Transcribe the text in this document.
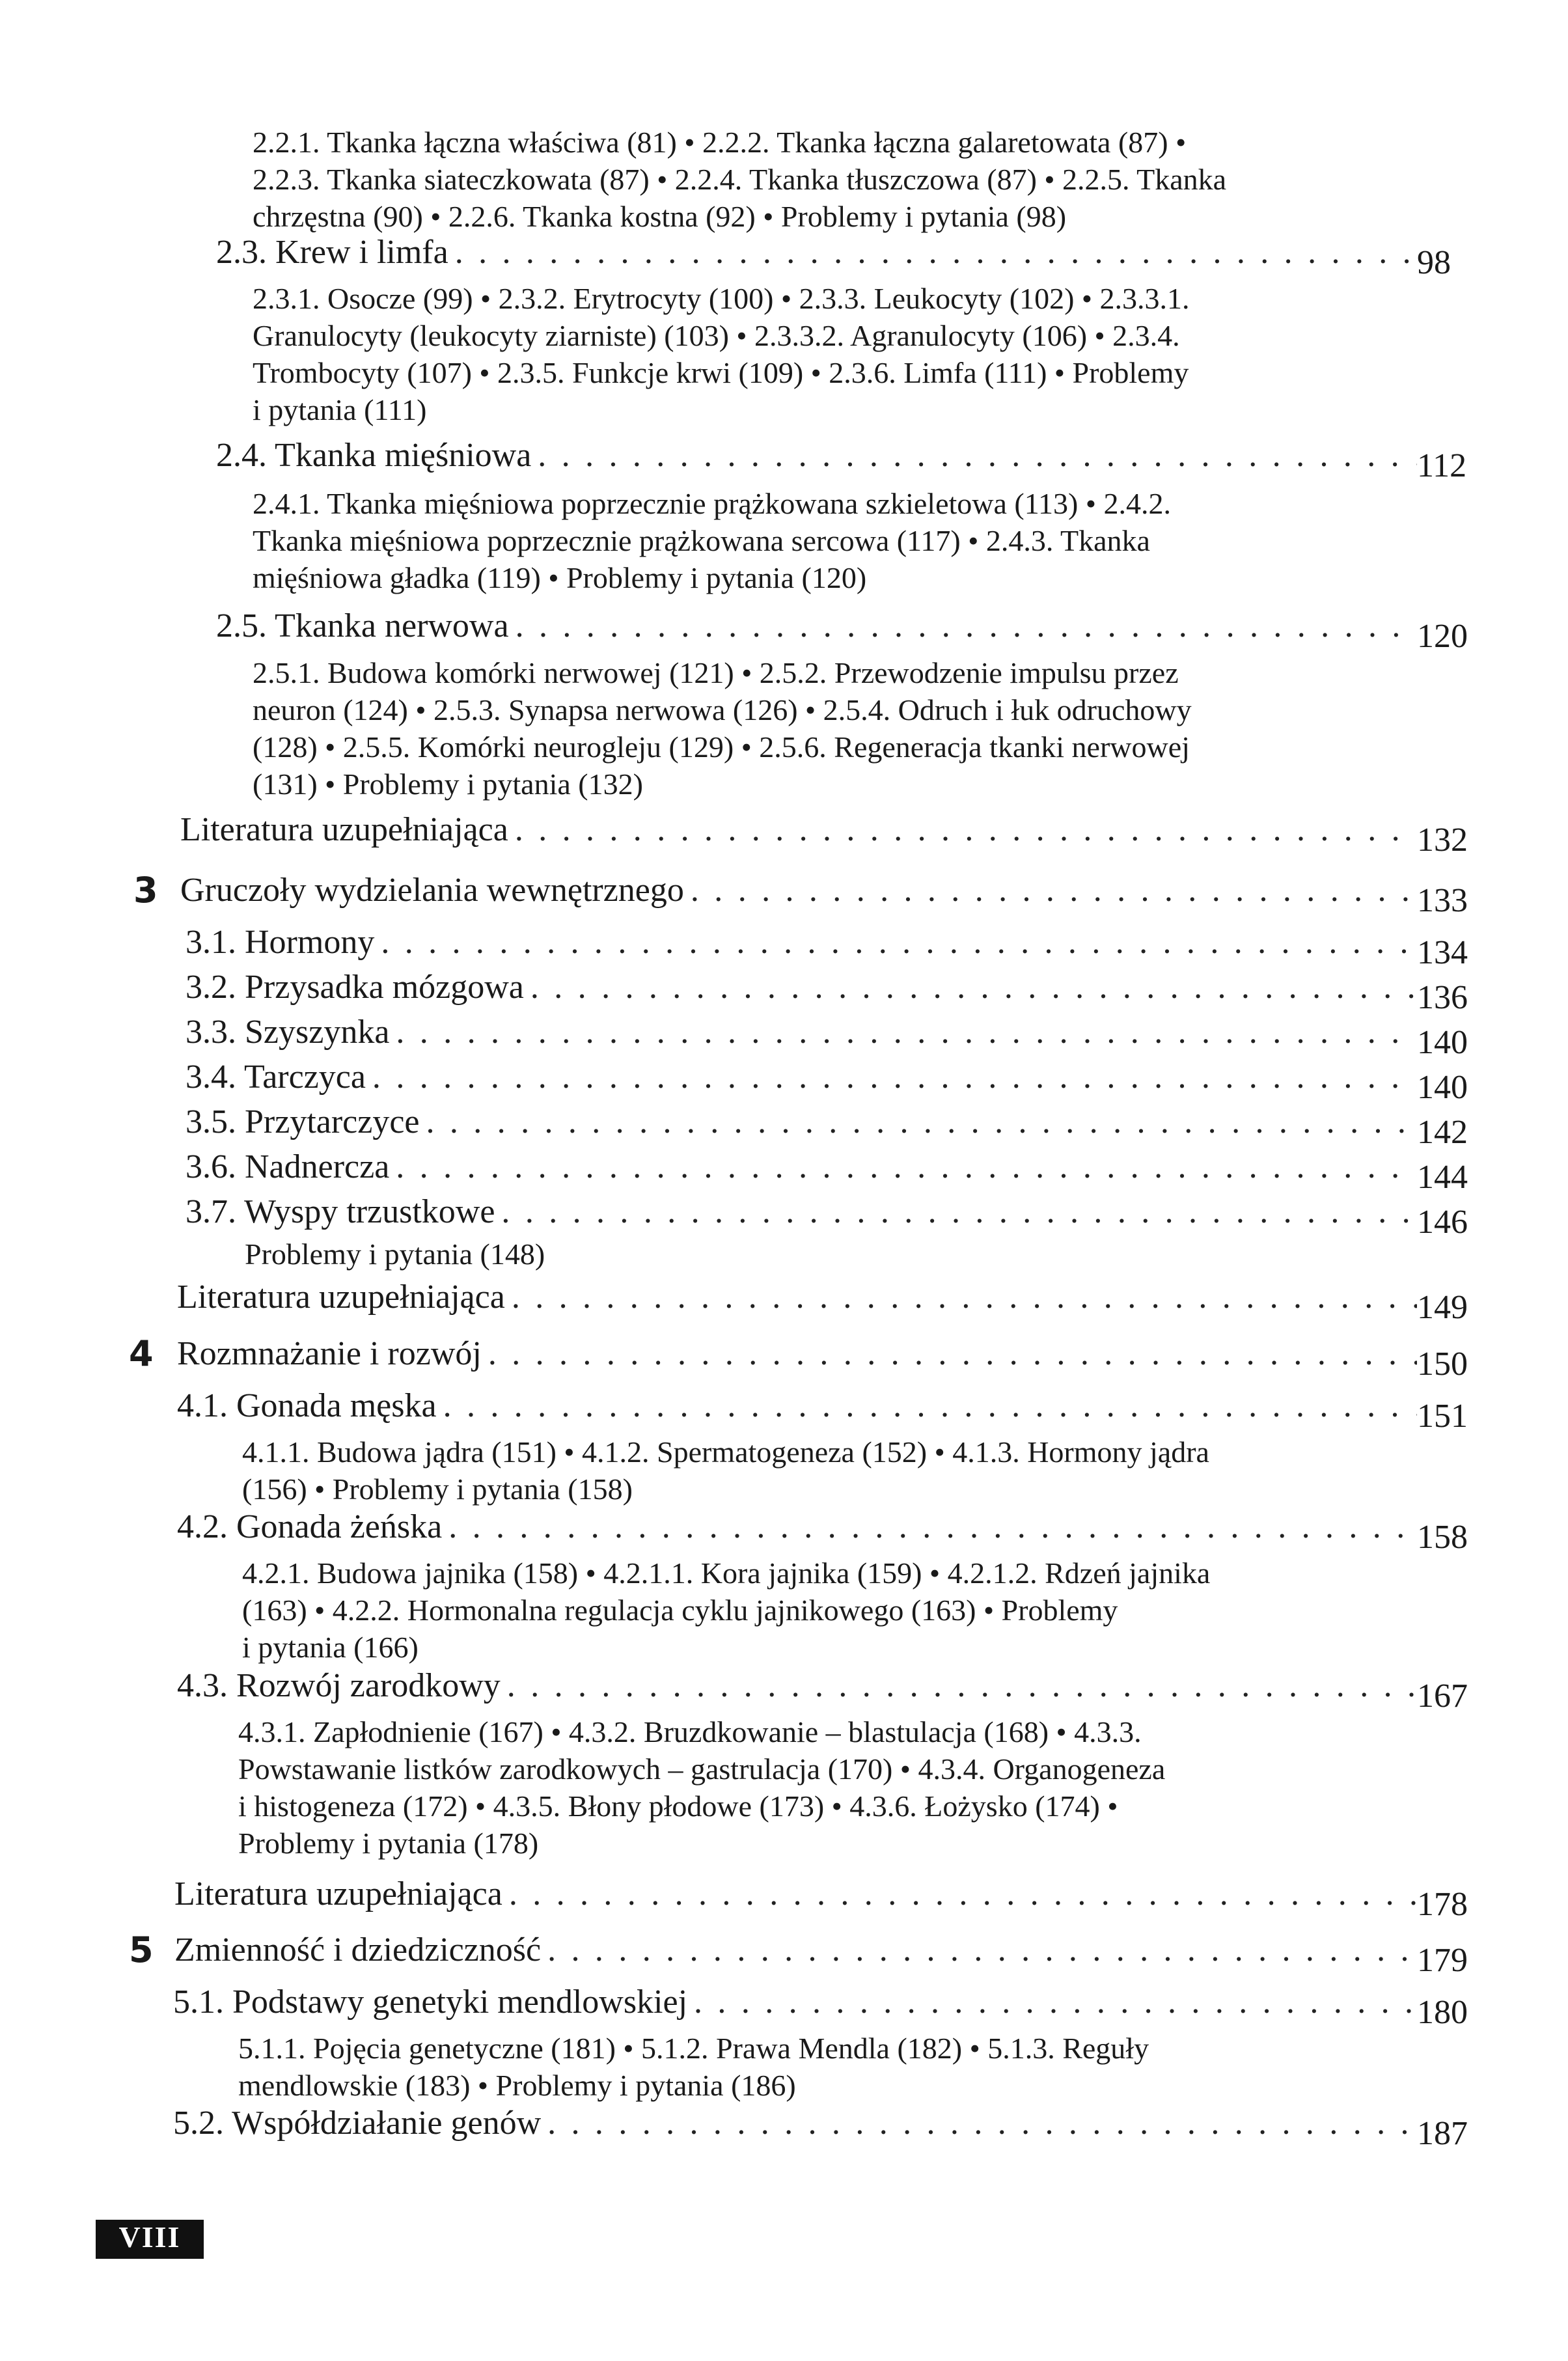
2.2.1. Tkanka łączna właściwa (81) • 2.2.2. Tkanka łączna galaretowata (87) •
2.2.3. Tkanka siateczkowata (87) • 2.2.4. Tkanka tłuszczowa (87) • 2.2.5. Tkanka
chrzęstna (90) • 2.2.6. Tkanka kostna (92) • Problemy i pytania (98)
2.3. Krew i limfa .....	98
2.3.1. Osocze (99) • 2.3.2. Erytrocyty (100) • 2.3.3. Leukocyty (102) • 2.3.3.1.
Granulocyty (leukocyty ziarniste) (103) • 2.3.3.2. Agranulocyty (106) • 2.3.4.
Trombocyty (107) • 2.3.5. Funkcje krwi (109) • 2.3.6. Limfa (111) • Problemy
i pytania (111)
2.4. Tkanka mięśniowa .....	112
2.4.1. Tkanka mięśniowa poprzecznie prążkowana szkieletowa (113) • 2.4.2.
Tkanka mięśniowa poprzecznie prążkowana sercowa (117) • 2.4.3. Tkanka
mięśniowa gładka (119) • Problemy i pytania (120)
2.5. Tkanka nerwowa .....	120
2.5.1. Budowa komórki nerwowej (121) • 2.5.2. Przewodzenie impulsu przez
neuron (124) • 2.5.3. Synapsa nerwowa (126) • 2.5.4. Odruch i łuk odruchowy
(128) • 2.5.5. Komórki neurogleju (129) • 2.5.6. Regeneracja tkanki nerwowej
(131) • Problemy i pytania (132)
Literatura uzupełniająca .....	132
3 Gruczoły wydzielania wewnętrznego .....	133
3.1. Hormony .....	134
3.2. Przysadka mózgowa .....	136
3.3. Szyszynka .....	140
3.4. Tarczyca .....	140
3.5. Przytarczyce .....	142
3.6. Nadnercza .....	144
3.7. Wyspy trzustkowe .....	146
Problemy i pytania (148)
Literatura uzupełniająca .....	149
4 Rozmnażanie i rozwój .....	150
4.1. Gonada męska .....	151
4.1.1. Budowa jądra (151) • 4.1.2. Spermatogeneza (152) • 4.1.3. Hormony jądra
(156) • Problemy i pytania (158)
4.2. Gonada żeńska .....	158
4.2.1. Budowa jajnika (158) • 4.2.1.1. Kora jajnika (159) • 4.2.1.2. Rdzeń jajnika
(163) • 4.2.2. Hormonalna regulacja cyklu jajnikowego (163) • Problemy
i pytania (166)
4.3. Rozwój zarodkowy .....	167
4.3.1. Zapłodnienie (167) • 4.3.2. Bruzdkowanie – blastulacja (168) • 4.3.3.
Powstawanie listków zarodkowych – gastrulacja (170) • 4.3.4. Organogeneza
i histogeneza (172) • 4.3.5. Błony płodowe (173) • 4.3.6. Łożysko (174) •
Problemy i pytania (178)
Literatura uzupełniająca .....	178
5 Zmienność i dziedziczność .....	179
5.1. Podstawy genetyki mendlowskiej .....	180
5.1.1. Pojęcia genetyczne (181) • 5.1.2. Prawa Mendla (182) • 5.1.3. Reguły
mendlowskie (183) • Problemy i pytania (186)
5.2. Współdziałanie genów .....	187
VIII
